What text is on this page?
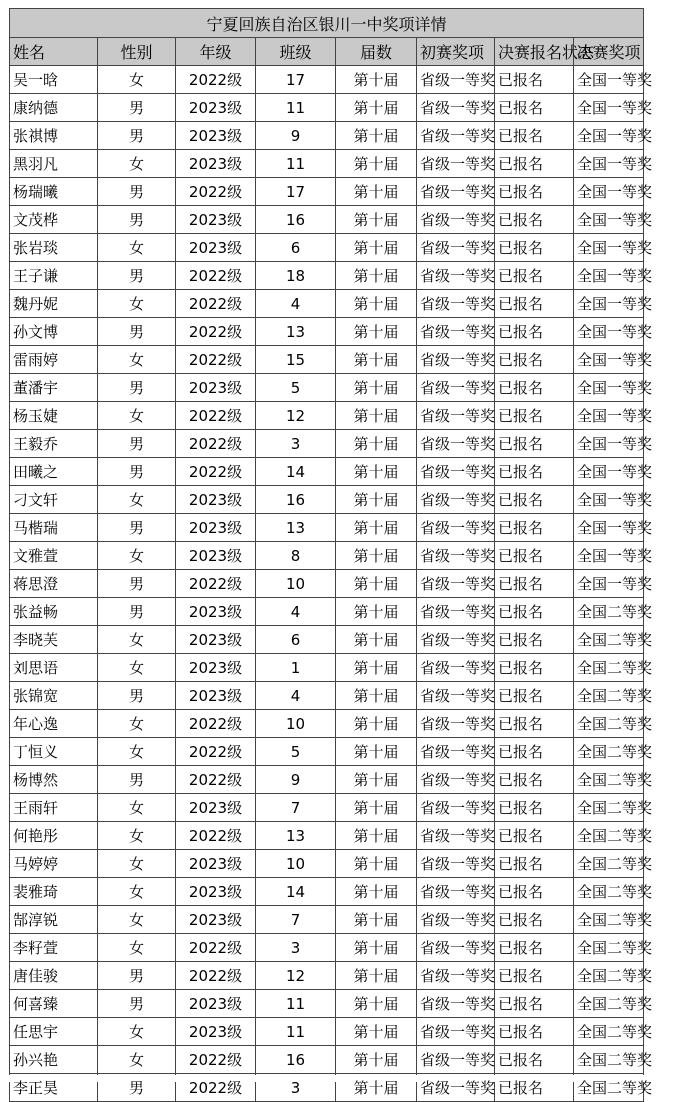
宁夏回族自治区银川一中奖项详情							
姓名	性别	年级	班级	届数	初赛奖项	决赛报名状态	决赛奖项
吴一晗	女	2022级	17	第十届	省级一等奖	已报名	全国一等奖
康纳德	男	2023级	11	第十届	省级一等奖	已报名	全国一等奖
张祺博	男	2023级	9	第十届	省级一等奖	已报名	全国一等奖
黑羽凡	女	2023级	11	第十届	省级一等奖	已报名	全国一等奖
杨瑞曦	男	2022级	17	第十届	省级一等奖	已报名	全国一等奖
文茂桦	男	2023级	16	第十届	省级一等奖	已报名	全国一等奖
张岩琰	女	2023级	6	第十届	省级一等奖	已报名	全国一等奖
王子谦	男	2022级	18	第十届	省级一等奖	已报名	全国一等奖
魏丹妮	女	2022级	4	第十届	省级一等奖	已报名	全国一等奖
孙文博	男	2022级	13	第十届	省级一等奖	已报名	全国一等奖
雷雨婷	女	2022级	15	第十届	省级一等奖	已报名	全国一等奖
董潘宇	男	2023级	5	第十届	省级一等奖	已报名	全国一等奖
杨玉婕	女	2022级	12	第十届	省级一等奖	已报名	全国一等奖
王毅乔	男	2022级	3	第十届	省级一等奖	已报名	全国一等奖
田曦之	男	2022级	14	第十届	省级一等奖	已报名	全国一等奖
刁文轩	女	2023级	16	第十届	省级一等奖	已报名	全国一等奖
马楷瑞	男	2023级	13	第十届	省级一等奖	已报名	全国一等奖
文雅萱	女	2023级	8	第十届	省级一等奖	已报名	全国一等奖
蒋思澄	男	2022级	10	第十届	省级一等奖	已报名	全国一等奖
张益畅	男	2023级	4	第十届	省级一等奖	已报名	全国二等奖
李晓芙	女	2023级	6	第十届	省级一等奖	已报名	全国二等奖
刘思语	女	2023级	1	第十届	省级一等奖	已报名	全国二等奖
张锦宽	男	2023级	4	第十届	省级一等奖	已报名	全国二等奖
年心逸	女	2022级	10	第十届	省级一等奖	已报名	全国二等奖
丁恒义	女	2022级	5	第十届	省级一等奖	已报名	全国二等奖
杨博然	男	2022级	9	第十届	省级一等奖	已报名	全国二等奖
王雨轩	女	2023级	7	第十届	省级一等奖	已报名	全国二等奖
何艳彤	女	2022级	13	第十届	省级一等奖	已报名	全国二等奖
马婷婷	女	2023级	10	第十届	省级一等奖	已报名	全国二等奖
裴雅琦	女	2023级	14	第十届	省级一等奖	已报名	全国二等奖
郜淳锐	女	2023级	7	第十届	省级一等奖	已报名	全国二等奖
李籽萱	女	2022级	3	第十届	省级一等奖	已报名	全国二等奖
唐佳骏	男	2022级	12	第十届	省级一等奖	已报名	全国二等奖
何喜臻	男	2023级	11	第十届	省级一等奖	已报名	全国二等奖
任思宇	女	2023级	11	第十届	省级一等奖	已报名	全国二等奖
孙兴艳	女	2022级	16	第十届	省级一等奖	已报名	全国二等奖
李正昊	男	2022级	3	第十届	省级一等奖	已报名	全国二等奖
